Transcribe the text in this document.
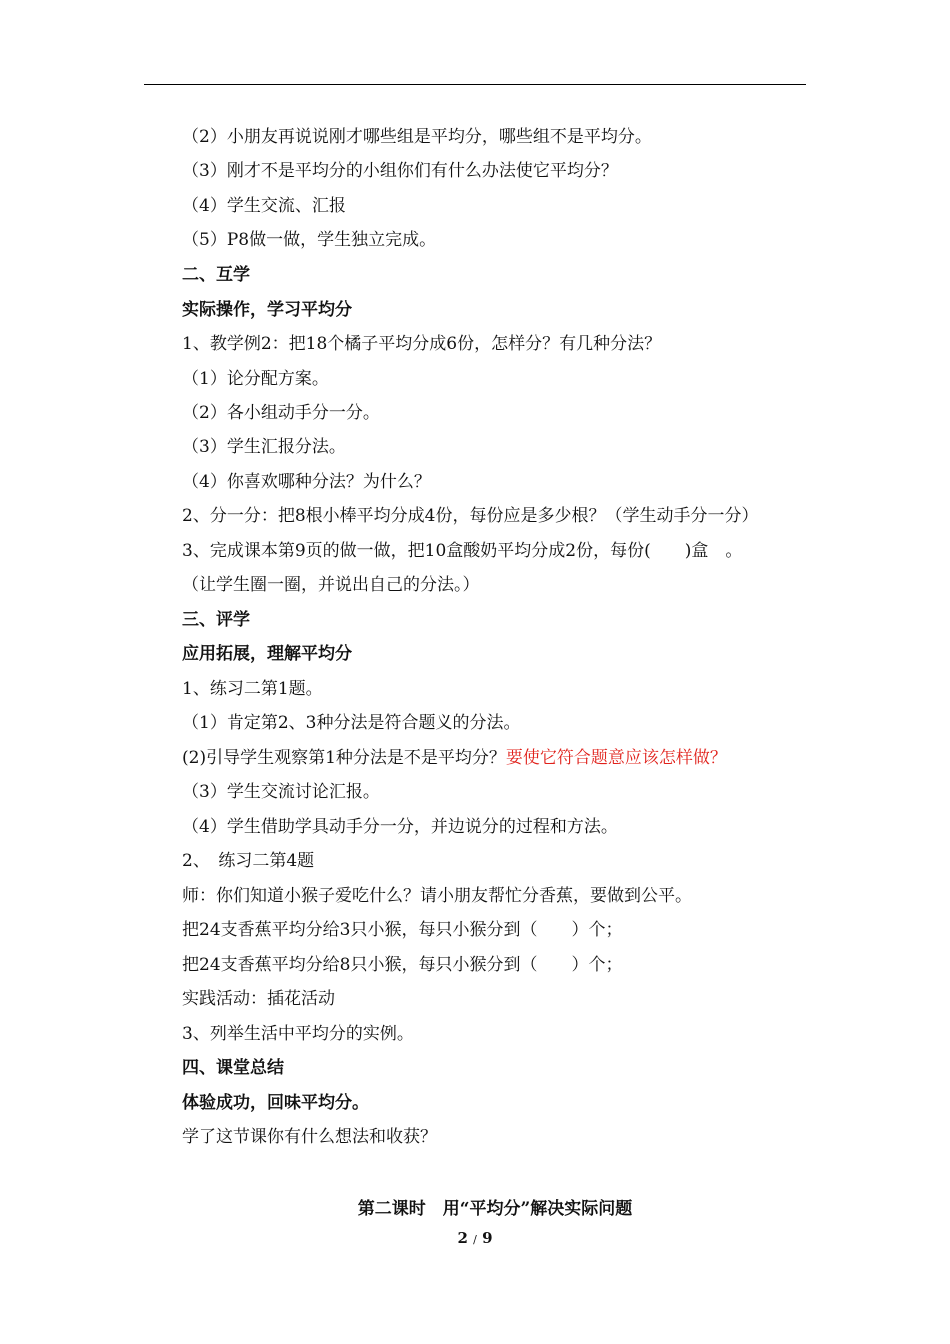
（2）小朋友再说说刚才哪些组是平均分，哪些组不是平均分。
（3）刚才不是平均分的小组你们有什么办法使它平均分？
（4）学生交流、汇报
（5）P8做一做，学生独立完成。
二、互学
实际操作，学习平均分
1、教学例2：把18个橘子平均分成6份，怎样分？有几种分法？
（1）论分配方案。
（2）各小组动手分一分。
（3）学生汇报分法。
（4）你喜欢哪种分法？为什么？
2、分一分：把8根小棒平均分成4份，每份应是多少根？（学生动手分一分）
3、完成课本第9页的做一做，把10盒酸奶平均分成2份，每份(　　)盒　。
（让学生圈一圈，并说出自己的分法。）
三、评学
应用拓展，理解平均分
1、练习二第1题。
（1）肯定第2、3种分法是符合题义的分法。
(2)引导学生观察第1种分法是不是平均分？要使它符合题意应该怎样做？
（3）学生交流讨论汇报。
（4）学生借助学具动手分一分，并边说分的过程和方法。
2、　练习二第4题
师：你们知道小猴子爱吃什么？请小朋友帮忙分香蕉，要做到公平。
把24支香蕉平均分给3只小猴，每只小猴分到（　　）个；
把24支香蕉平均分给8只小猴，每只小猴分到（　　）个；
实践活动：插花活动
3、列举生活中平均分的实例。
四、课堂总结
体验成功，回味平均分。
学了这节课你有什么想法和收获？
第二课时　用“平均分”解决实际问题
2 / 9
